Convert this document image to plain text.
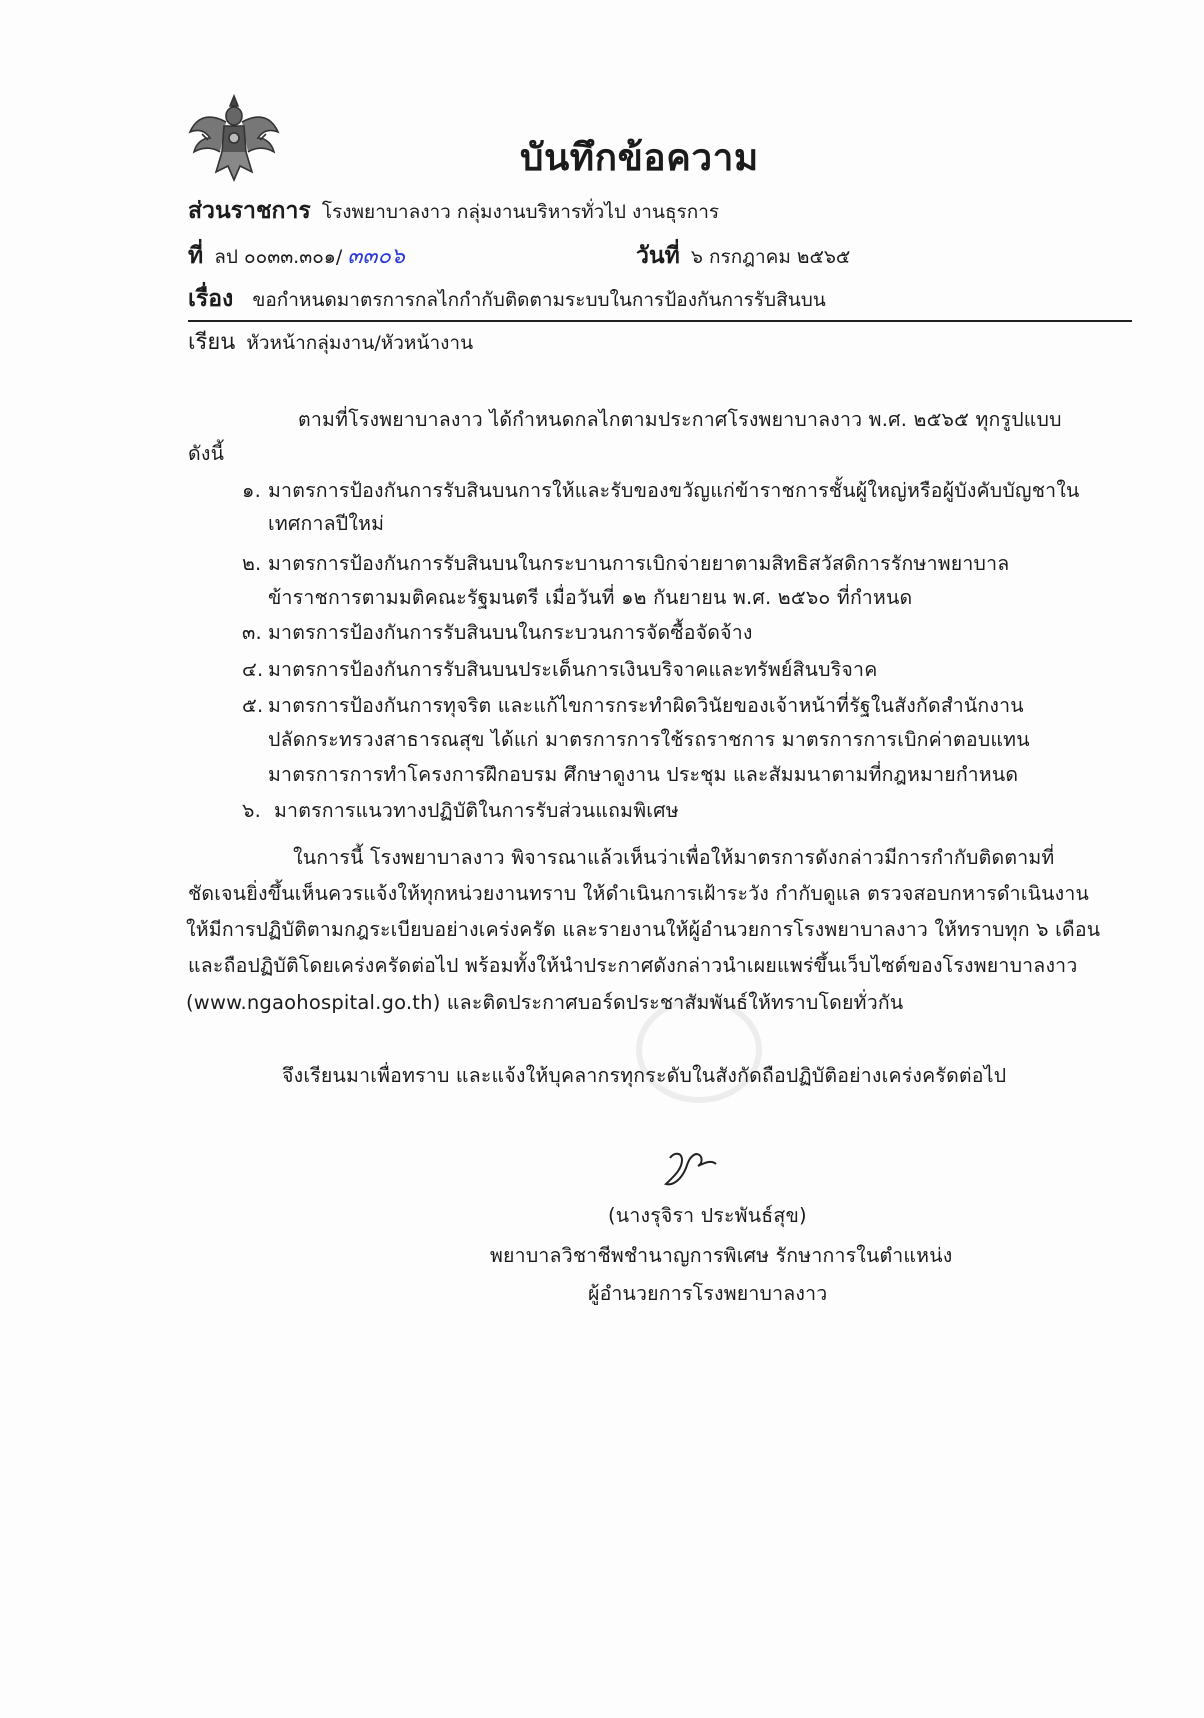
บันทึกข้อความ
ส่วนราชการ โรงพยาบาลงาว กลุ่มงานบริหารทั่วไป งานธุรการ
ที่ ลป ๐๐๓๓.๓๐๑/ ๓๓๐๖	วันที่ ๖ กรกฎาคม ๒๕๖๕
เรื่อง ขอกำหนดมาตรการกลไกกำกับติดตามระบบในการป้องกันการรับสินบน
เรียน หัวหน้ากลุ่มงาน/หัวหน้างาน
ตามที่โรงพยาบาลงาว ได้กำหนดกลไกตามประกาศโรงพยาบาลงาว พ.ศ. ๒๕๖๕ ทุกรูปแบบ
ดังนี้
๑. มาตรการป้องกันการรับสินบนการให้และรับของขวัญแก่ข้าราชการชั้นผู้ใหญ่หรือผู้บังคับบัญชาใน
เทศกาลปีใหม่
๒. มาตรการป้องกันการรับสินบนในกระบานการเบิกจ่ายยาตามสิทธิสวัสดิการรักษาพยาบาล
ข้าราชการตามมติคณะรัฐมนตรี เมื่อวันที่ ๑๒ กันยายน พ.ศ. ๒๕๖๐ ที่กำหนด
๓. มาตรการป้องกันการรับสินบนในกระบวนการจัดซื้อจัดจ้าง
๔. มาตรการป้องกันการรับสินบนประเด็นการเงินบริจาคและทรัพย์สินบริจาค
๕. มาตรการป้องกันการทุจริต และแก้ไขการกระทำผิดวินัยของเจ้าหน้าที่รัฐในสังกัดสำนักงาน
ปลัดกระทรวงสาธารณสุข ได้แก่ มาตรการการใช้รถราชการ มาตรการการเบิกค่าตอบแทน
มาตรการการทำโครงการฝึกอบรม ศึกษาดูงาน ประชุม และสัมมนาตามที่กฎหมายกำหนด
๖. มาตรการแนวทางปฏิบัติในการรับส่วนแถมพิเศษ
ในการนี้ โรงพยาบาลงาว พิจารณาแล้วเห็นว่าเพื่อให้มาตรการดังกล่าวมีการกำกับติดตามที่
ชัดเจนยิ่งขึ้นเห็นควรแจ้งให้ทุกหน่วยงานทราบ ให้ดำเนินการเฝ้าระวัง กำกับดูแล ตรวจสอบกหารดำเนินงาน
ให้มีการปฏิบัติตามกฎระเบียบอย่างเคร่งครัด และรายงานให้ผู้อำนวยการโรงพยาบาลงาว ให้ทราบทุก ๖ เดือน
และถือปฏิบัติโดยเคร่งครัดต่อไป พร้อมทั้งให้นำประกาศดังกล่าวนำเผยแพร่ขึ้นเว็บไซต์ของโรงพยาบาลงาว
(www.ngaohospital.go.th) และติดประกาศบอร์ดประชาสัมพันธ์ให้ทราบโดยทั่วกัน
จึงเรียนมาเพื่อทราบ และแจ้งให้บุคลากรทุกระดับในสังกัดถือปฏิบัติอย่างเคร่งครัดต่อไป
(นางรุจิรา ประพันธ์สุข)
พยาบาลวิชาชีพชำนาญการพิเศษ รักษาการในตำแหน่ง
ผู้อำนวยการโรงพยาบาลงาว
